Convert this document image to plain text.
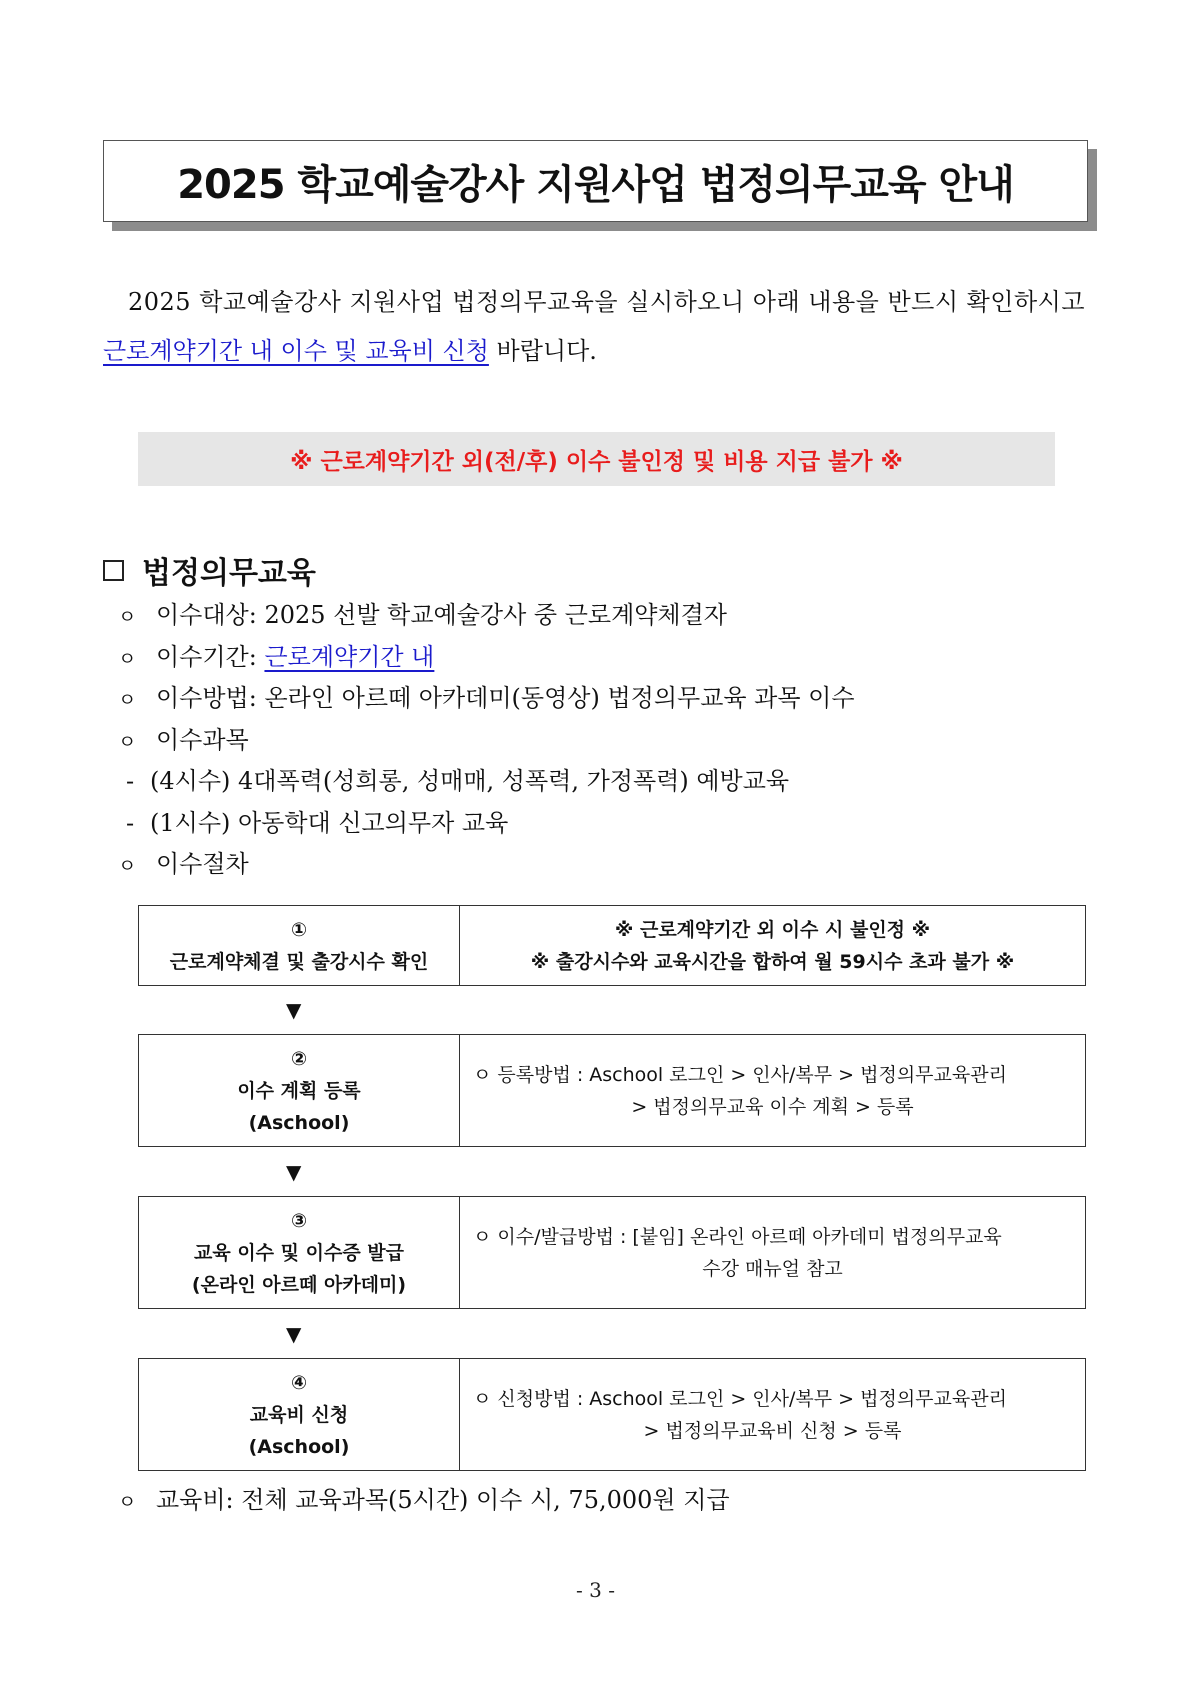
2025 학교예술강사 지원사업 법정의무교육 안내
2025 학교예술강사 지원사업 법정의무교육을 실시하오니 아래 내용을 반드시 확인하시고
근로계약기간 내 이수 및 교육비 신청 바랍니다.
※ 근로계약기간 외(전/후) 이수 불인정 및 비용 지급 불가 ※
법정의무교육
ㅇ 이수대상: 2025 선발 학교예술강사 중 근로계약체결자
ㅇ 이수기간: 근로계약기간 내
ㅇ 이수방법: 온라인 아르떼 아카데미(동영상) 법정의무교육 과목 이수
ㅇ 이수과목
- (4시수) 4대폭력(성희롱, 성매매, 성폭력, 가정폭력) 예방교육
- (1시수) 아동학대 신고의무자 교육
ㅇ 이수절차
①
근로계약체결 및 출강시수 확인
※ 근로계약기간 외 이수 시 불인정 ※
※ 출강시수와 교육시간을 합하여 월 59시수 초과 불가 ※
▼
②
이수 계획 등록
(Aschool)
ㅇ 등록방법 : Aschool 로그인 > 인사/복무 > 법정의무교육관리
> 법정의무교육 이수 계획 > 등록
▼
③
교육 이수 및 이수증 발급
(온라인 아르떼 아카데미)
ㅇ 이수/발급방법 : [붙임] 온라인 아르떼 아카데미 법정의무교육
수강 매뉴얼 참고
▼
④
교육비 신청
(Aschool)
ㅇ 신청방법 : Aschool 로그인 > 인사/복무 > 법정의무교육관리
> 법정의무교육비 신청 > 등록
ㅇ 교육비: 전체 교육과목(5시간) 이수 시, 75,000원 지급
- 3 -
